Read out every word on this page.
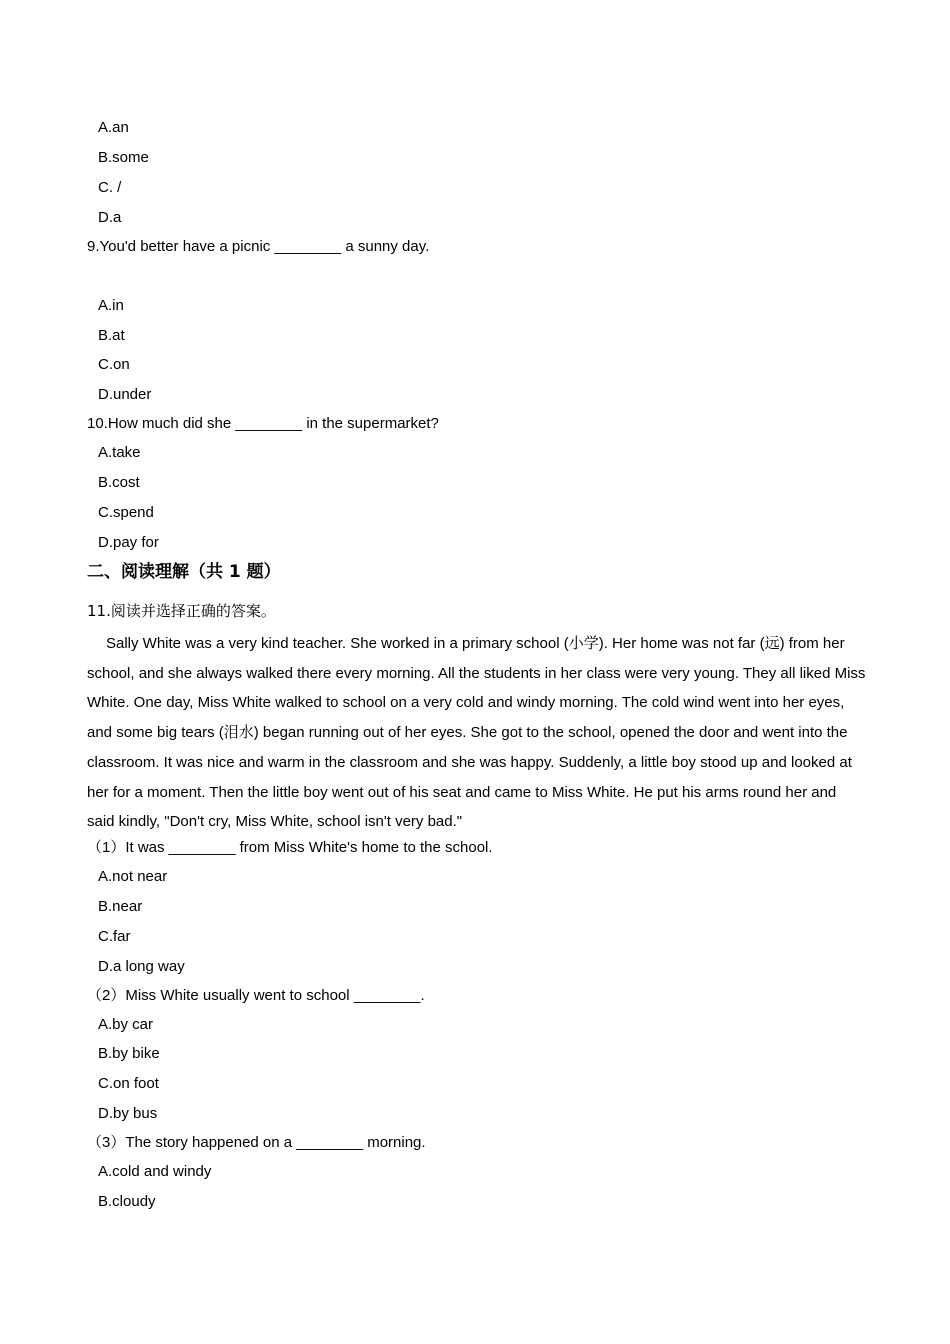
A.an
B.some
C. /
D.a
9.You'd better have a picnic ________ a sunny day.
A.in
B.at
C.on
D.under
10.How much did she ________ in the supermarket?
A.take
B.cost
C.spend
D.pay for
二、阅读理解（共 1 题）
11.阅读并选择正确的答案。
Sally White was a very kind teacher. She worked in a primary school (小学). Her home was not far (远) from her school, and she always walked there every morning. All the students in her class were very young. They all liked Miss White. One day, Miss White walked to school on a very cold and windy morning. The cold wind went into her eyes, and some big tears (泪水) began running out of her eyes. She got to the school, opened the door and went into the classroom. It was nice and warm in the classroom and she was happy. Suddenly, a little boy stood up and looked at her for a moment. Then the little boy went out of his seat and came to Miss White. He put his arms round her and said kindly, "Don't cry, Miss White, school isn't very bad."
（1）It was ________ from Miss White's home to the school.
A.not near
B.near
C.far
D.a long way
（2）Miss White usually went to school ________.
A.by car
B.by bike
C.on foot
D.by bus
（3）The story happened on a ________ morning.
A.cold and windy
B.cloudy
